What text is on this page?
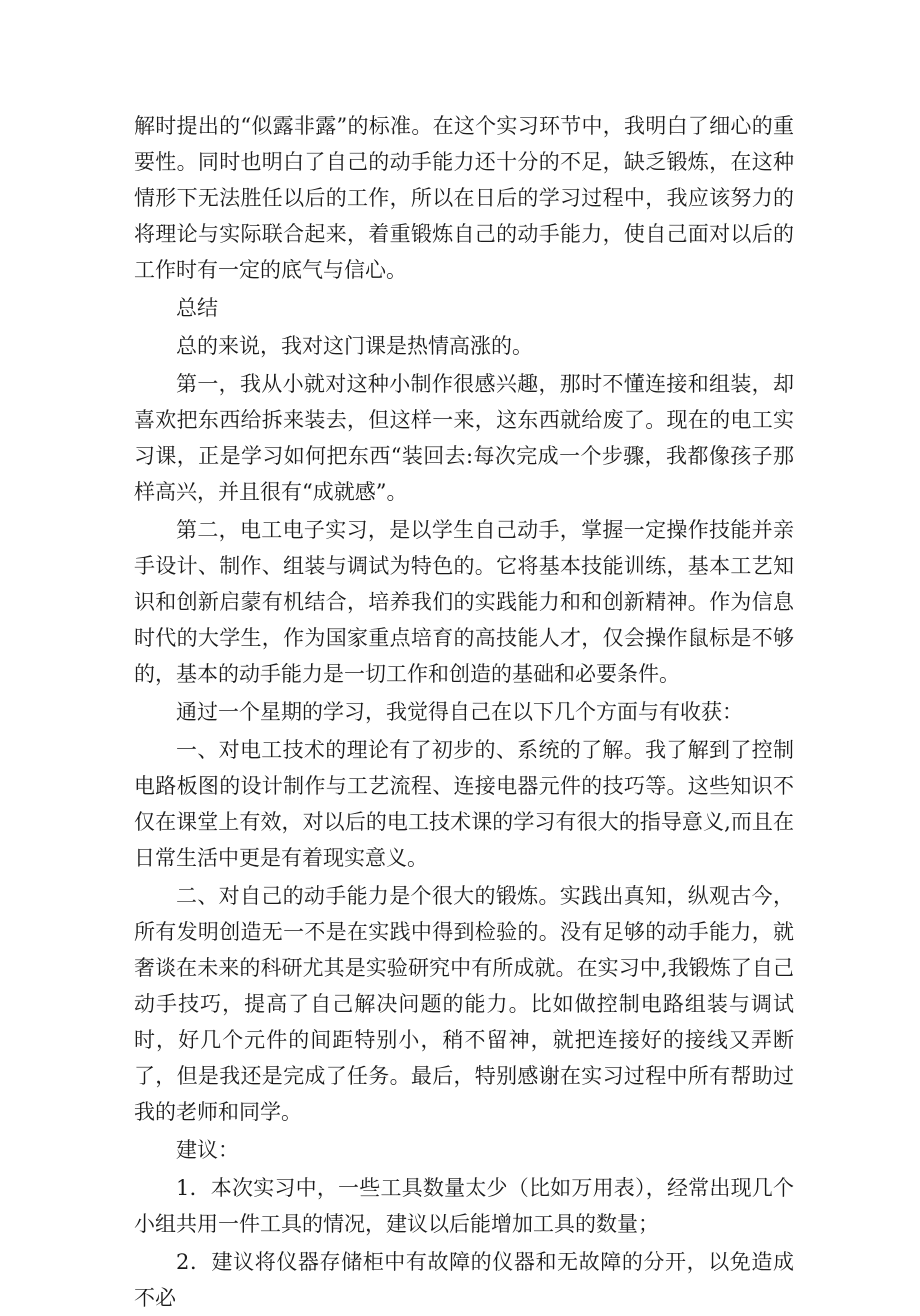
解时提出的“似露非露”的标准。在这个实习环节中，我明白了细心的重要性。同时也明白了自己的动手能力还十分的不足，缺乏锻炼，在这种情形下无法胜任以后的工作，所以在日后的学习过程中，我应该努力的将理论与实际联合起来，着重锻炼自己的动手能力，使自己面对以后的工作时有一定的底气与信心。

总结

总的来说，我对这门课是热情高涨的。

第一，我从小就对这种小制作很感兴趣，那时不懂连接和组装，却喜欢把东西给拆来装去，但这样一来，这东西就给废了。现在的电工实习课，正是学习如何把东西“装回去:每次完成一个步骤，我都像孩子那样高兴，并且很有“成就感”。

第二，电工电子实习，是以学生自己动手，掌握一定操作技能并亲手设计、制作、组装与调试为特色的。它将基本技能训练，基本工艺知识和创新启蒙有机结合，培养我们的实践能力和和创新精神。作为信息时代的大学生，作为国家重点培育的高技能人才，仅会操作鼠标是不够的，基本的动手能力是一切工作和创造的基础和必要条件。

通过一个星期的学习，我觉得自己在以下几个方面与有收获：

一、对电工技术的理论有了初步的、系统的了解。我了解到了控制电路板图的设计制作与工艺流程、连接电器元件的技巧等。这些知识不仅在课堂上有效，对以后的电工技术课的学习有很大的指导意义,而且在日常生活中更是有着现实意义。

二、对自己的动手能力是个很大的锻炼。实践出真知，纵观古今，所有发明创造无一不是在实践中得到检验的。没有足够的动手能力，就奢谈在未来的科研尤其是实验研究中有所成就。在实习中,我锻炼了自己动手技巧，提高了自己解决问题的能力。比如做控制电路组装与调试时，好几个元件的间距特别小，稍不留神，就把连接好的接线又弄断了，但是我还是完成了任务。最后，特别感谢在实习过程中所有帮助过我的老师和同学。

建议：

1．本次实习中，一些工具数量太少（比如万用表），经常出现几个小组共用一件工具的情况，建议以后能增加工具的数量；

2．建议将仪器存储柜中有故障的仪器和无故障的分开，以免造成不必
